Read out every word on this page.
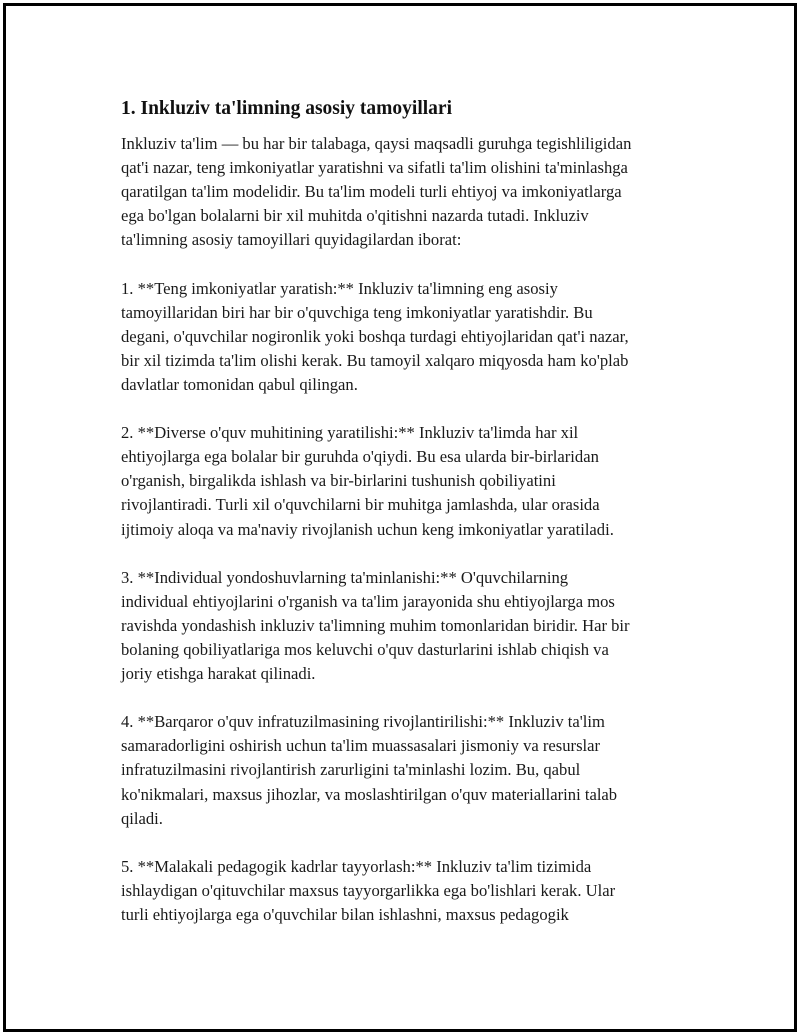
1. Inkluziv ta'limning asosiy tamoyillari

Inkluziv ta'lim — bu har bir talabaga, qaysi maqsadli guruhga tegishliligidan
qat'i nazar, teng imkoniyatlar yaratishni va sifatli ta'lim olishini ta'minlashga
qaratilgan ta'lim modelidir. Bu ta'lim modeli turli ehtiyoj va imkoniyatlarga
ega bo'lgan bolalarni bir xil muhitda o'qitishni nazarda tutadi. Inkluziv
ta'limning asosiy tamoyillari quyidagilardan iborat:

1. **Teng imkoniyatlar yaratish:** Inkluziv ta'limning eng asosiy
tamoyillaridan biri har bir o'quvchiga teng imkoniyatlar yaratishdir. Bu
degani, o'quvchilar nogironlik yoki boshqa turdagi ehtiyojlaridan qat'i nazar,
bir xil tizimda ta'lim olishi kerak. Bu tamoyil xalqaro miqyosda ham ko'plab
davlatlar tomonidan qabul qilingan.

2. **Diverse o'quv muhitining yaratilishi:** Inkluziv ta'limda har xil
ehtiyojlarga ega bolalar bir guruhda o'qiydi. Bu esa ularda bir-birlaridan
o'rganish, birgalikda ishlash va bir-birlarini tushunish qobiliyatini
rivojlantiradi. Turli xil o'quvchilarni bir muhitga jamlashda, ular orasida
ijtimoiy aloqa va ma'naviy rivojlanish uchun keng imkoniyatlar yaratiladi.

3. **Individual yondoshuvlarning ta'minlanishi:** O'quvchilarning
individual ehtiyojlarini o'rganish va ta'lim jarayonida shu ehtiyojlarga mos
ravishda yondashish inkluziv ta'limning muhim tomonlaridan biridir. Har bir
bolaning qobiliyatlariga mos keluvchi o'quv dasturlarini ishlab chiqish va
joriy etishga harakat qilinadi.

4. **Barqaror o'quv infratuzilmasining rivojlantirilishi:** Inkluziv ta'lim
samaradorligini oshirish uchun ta'lim muassasalari jismoniy va resurslar
infratuzilmasini rivojlantirish zarurligini ta'minlashi lozim. Bu, qabul
ko'nikmalari, maxsus jihozlar, va moslashtirilgan o'quv materiallarini talab
qiladi.

5. **Malakali pedagogik kadrlar tayyorlash:** Inkluziv ta'lim tizimida
ishlaydigan o'qituvchilar maxsus tayyorgarlikka ega bo'lishlari kerak. Ular
turli ehtiyojlarga ega o'quvchilar bilan ishlashni, maxsus pedagogik
